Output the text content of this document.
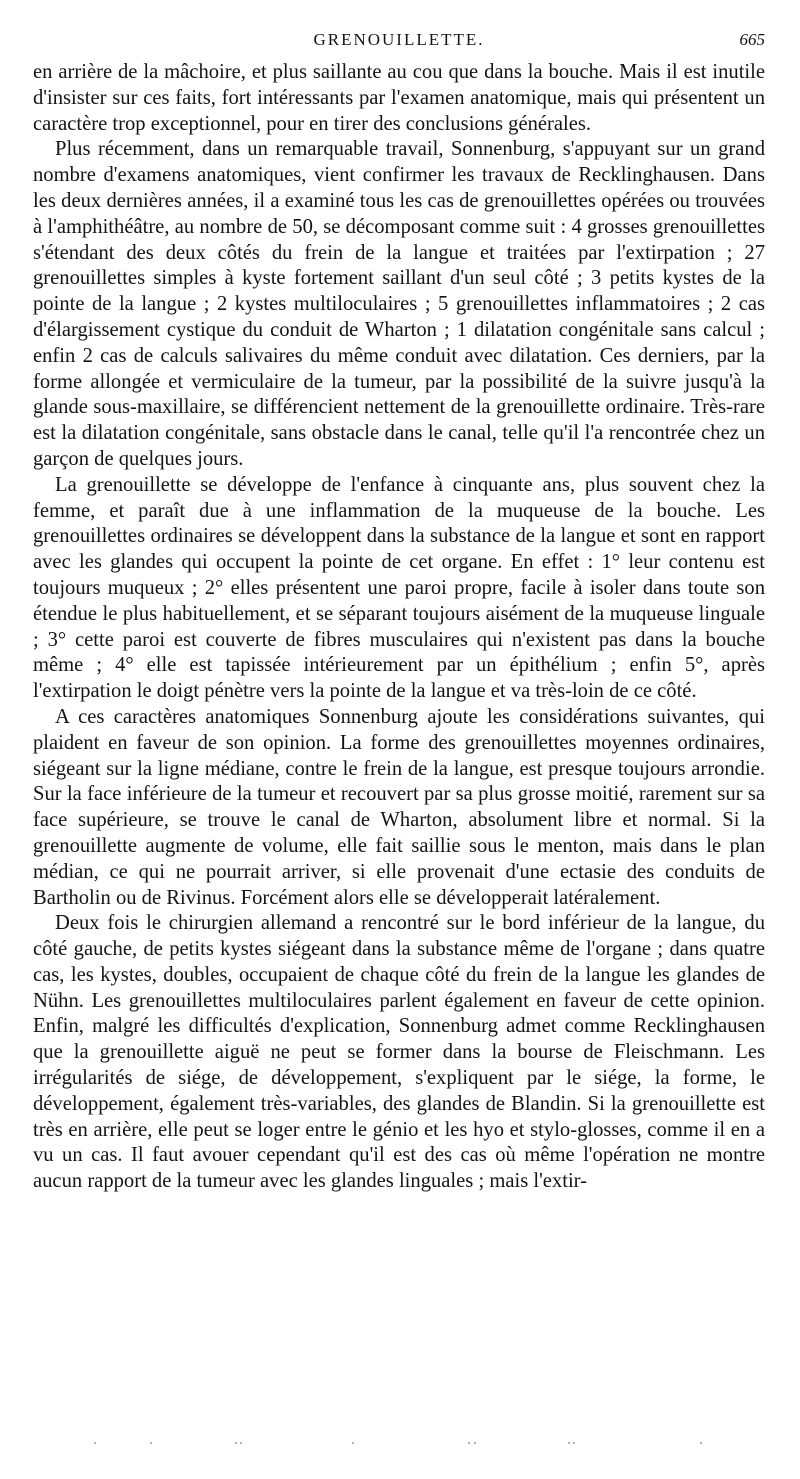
GRENOUILLETTE.	665

en arrière de la mâchoire, et plus saillante au cou que dans la bouche. Mais il est inutile d'insister sur ces faits, fort intéressants par l'examen anatomique, mais qui présentent un caractère trop exceptionnel, pour en tirer des conclusions générales.

Plus récemment, dans un remarquable travail, Sonnenburg, s'appuyant sur un grand nombre d'examens anatomiques, vient confirmer les travaux de Recklinghausen. Dans les deux dernières années, il a examiné tous les cas de grenouillettes opérées ou trouvées à l'amphithéâtre, au nombre de 50, se décomposant comme suit : 4 grosses grenouillettes s'étendant des deux côtés du frein de la langue et traitées par l'extirpation ; 27 grenouillettes simples à kyste fortement saillant d'un seul côté ; 3 petits kystes de la pointe de la langue ; 2 kystes multiloculaires ; 5 grenouillettes inflammatoires ; 2 cas d'élargissement cystique du conduit de Wharton ; 1 dilatation congénitale sans calcul ; enfin 2 cas de calculs salivaires du même conduit avec dilatation. Ces derniers, par la forme allongée et vermiculaire de la tumeur, par la possibilité de la suivre jusqu'à la glande sous-maxillaire, se différencient nettement de la grenouillette ordinaire. Très-rare est la dilatation congénitale, sans obstacle dans le canal, telle qu'il l'a rencontrée chez un garçon de quelques jours.

La grenouillette se développe de l'enfance à cinquante ans, plus souvent chez la femme, et paraît due à une inflammation de la muqueuse de la bouche. Les grenouillettes ordinaires se développent dans la substance de la langue et sont en rapport avec les glandes qui occupent la pointe de cet organe. En effet : 1° leur contenu est toujours muqueux ; 2° elles présentent une paroi propre, facile à isoler dans toute son étendue le plus habituellement, et se séparant toujours aisément de la muqueuse linguale ; 3° cette paroi est couverte de fibres musculaires qui n'existent pas dans la bouche même ; 4° elle est tapissée intérieurement par un épithélium ; enfin 5°, après l'extirpation le doigt pénètre vers la pointe de la langue et va très-loin de ce côté.

A ces caractères anatomiques Sonnenburg ajoute les considérations suivantes, qui plaident en faveur de son opinion. La forme des grenouillettes moyennes ordinaires, siégeant sur la ligne médiane, contre le frein de la langue, est presque toujours arrondie. Sur la face inférieure de la tumeur et recouvert par sa plus grosse moitié, rarement sur sa face supérieure, se trouve le canal de Wharton, absolument libre et normal. Si la grenouillette augmente de volume, elle fait saillie sous le menton, mais dans le plan médian, ce qui ne pourrait arriver, si elle provenait d'une ectasie des conduits de Bartholin ou de Rivinus. Forcément alors elle se développerait latéralement.

Deux fois le chirurgien allemand a rencontré sur le bord inférieur de la langue, du côté gauche, de petits kystes siégeant dans la substance même de l'organe ; dans quatre cas, les kystes, doubles, occupaient de chaque côté du frein de la langue les glandes de Nühn. Les grenouillettes multiloculaires parlent également en faveur de cette opinion. Enfin, malgré les difficultés d'explication, Sonnenburg admet comme Recklinghausen que la grenouillette aiguë ne peut se former dans la bourse de Fleischmann. Les irrégularités de siége, de développement, s'expliquent par le siége, la forme, le développement, également très-variables, des glandes de Blandin. Si la grenouillette est très en arrière, elle peut se loger entre le génio et les hyo et stylo-glosses, comme il en a vu un cas. Il faut avouer cependant qu'il est des cas où même l'opération ne montre aucun rapport de la tumeur avec les glandes linguales ; mais l'extir-
